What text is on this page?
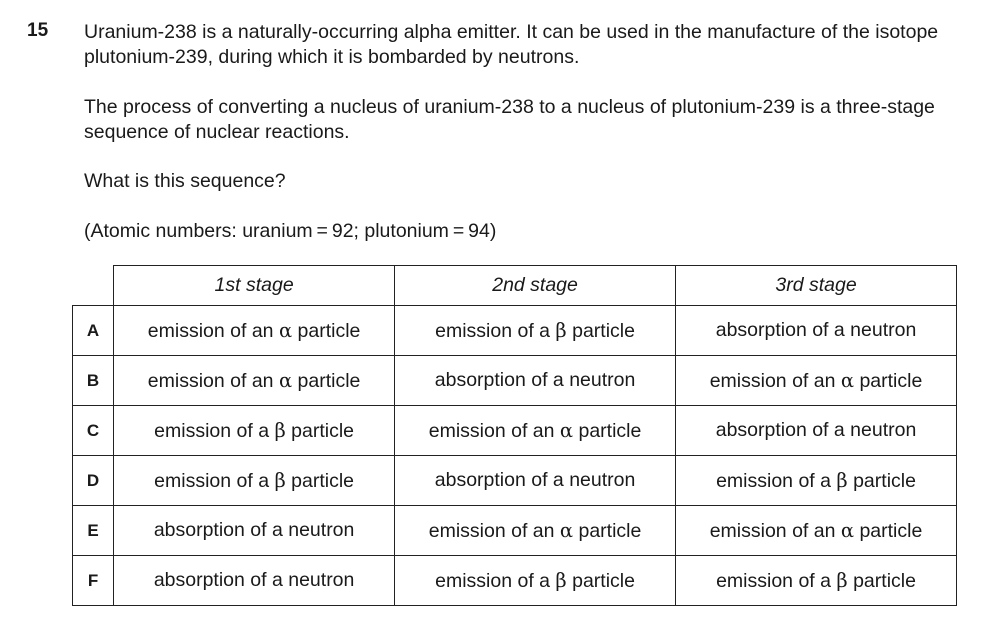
15 Uranium-238 is a naturally-occurring alpha emitter. It can be used in the manufacture of the isotope plutonium-239, during which it is bombarded by neutrons.

The process of converting a nucleus of uranium-238 to a nucleus of plutonium-239 is a three-stage sequence of nuclear reactions.

What is this sequence?

(Atomic numbers: uranium = 92; plutonium = 94)

	1st stage	2nd stage	3rd stage
A	emission of an α particle	emission of a β particle	absorption of a neutron
B	emission of an α particle	absorption of a neutron	emission of an α particle
C	emission of a β particle	emission of an α particle	absorption of a neutron
D	emission of a β particle	absorption of a neutron	emission of a β particle
E	absorption of a neutron	emission of an α particle	emission of an α particle
F	absorption of a neutron	emission of a β particle	emission of a β particle
